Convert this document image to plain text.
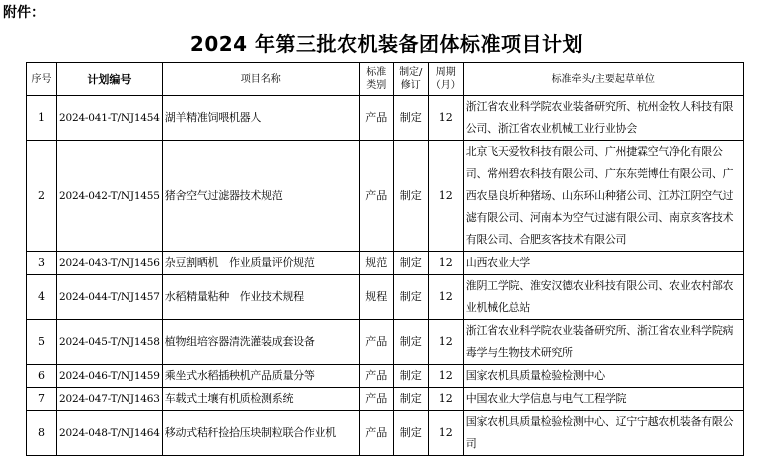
附件：
2024 年第三批农机装备团体标准项目计划
序号	计划编号	项目名称	标准类别	制定/修订	周期（月）	标准牵头/主要起草单位
1	2024-041-T/NJ1454	湖羊精准饲喂机器人	产品	制定	12	浙江省农业科学院农业装备研究所、杭州金牧人科技有限公司、浙江省农业机械工业行业协会
2	2024-042-T/NJ1455	猪舍空气过滤器技术规范	产品	制定	12	北京飞天爱牧科技有限公司、广州捷霖空气净化有限公司、常州碧农科技有限公司、广东东莞博仕有限公司、广西农垦良圻种猪场、山东环山种猪公司、江苏江阴空气过滤有限公司、河南本为空气过滤有限公司、南京亥客技术有限公司、合肥亥客技术有限公司
3	2024-043-T/NJ1456	杂豆割晒机　作业质量评价规范	规范	制定	12	山西农业大学
4	2024-044-T/NJ1457	水稻精量粘种　作业技术规程	规程	制定	12	淮阴工学院、淮安汉德农业科技有限公司、农业农村部农业机械化总站
5	2024-045-T/NJ1458	植物组培容器清洗灌装成套设备	产品	制定	12	浙江省农业科学院农业装备研究所、浙江省农业科学院病毒学与生物技术研究所
6	2024-046-T/NJ1459	乘坐式水稻插秧机产品质量分等	产品	制定	12	国家农机具质量检验检测中心
7	2024-047-T/NJ1463	车载式土壤有机质检测系统	产品	制定	12	中国农业大学信息与电气工程学院
8	2024-048-T/NJ1464	移动式秸秆捡拾压块制粒联合作业机	产品	制定	12	国家农机具质量检验检测中心、辽宁宁越农机装备有限公司
